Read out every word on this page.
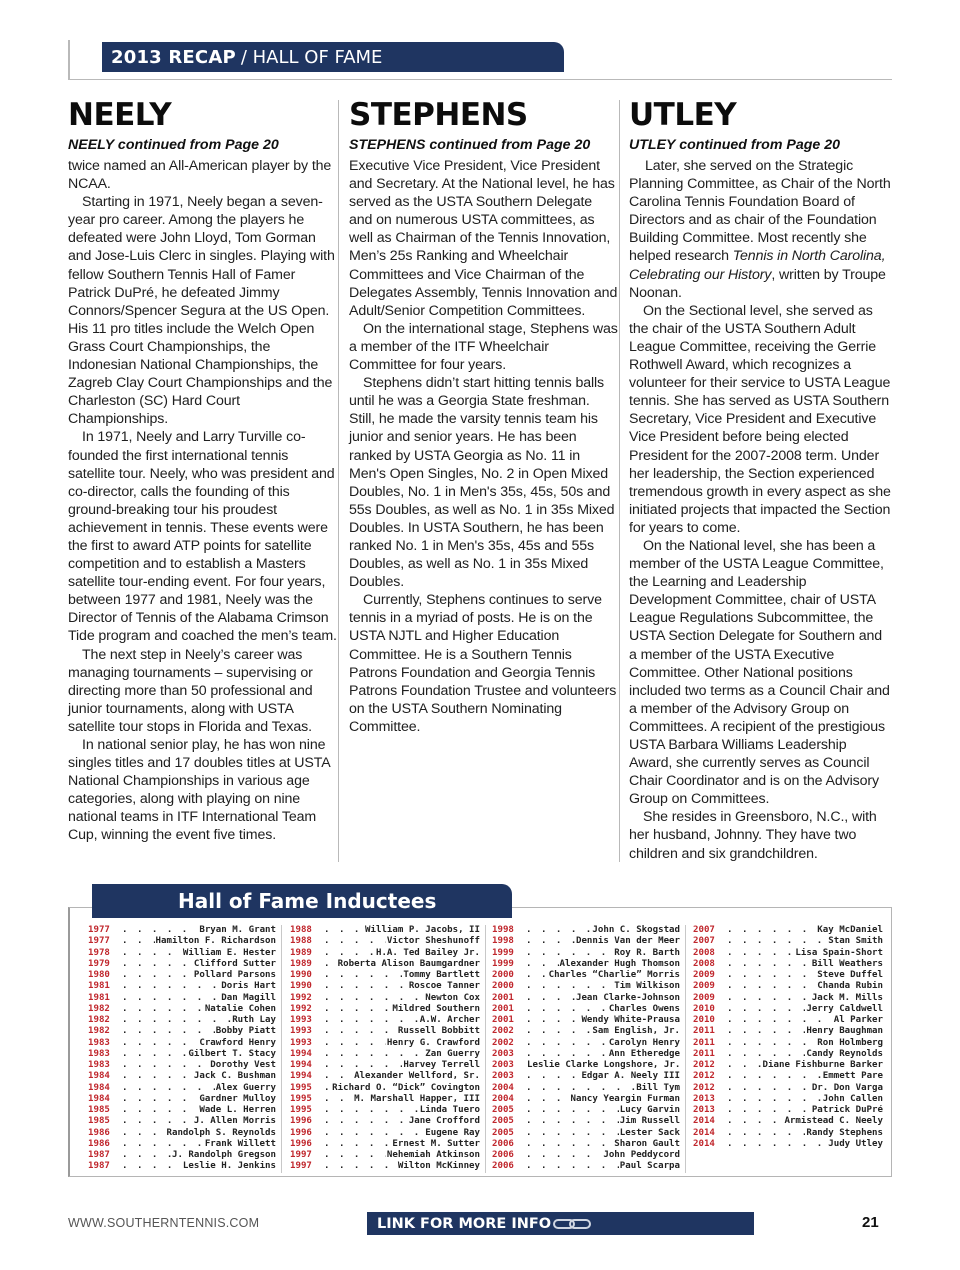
2013 RECAP / HALL OF FAME
NEELY
NEELY continued from Page 20

twice named an All-American player by the NCAA.

Starting in 1971, Neely began a seven-year pro career. Among the players he defeated were John Lloyd, Tom Gorman and Jose-Luis Clerc in singles. Playing with fellow Southern Tennis Hall of Famer Patrick DuPré, he defeated Jimmy Connors/Spencer Segura at the US Open. His 11 pro titles include the Welch Open Grass Court Championships, the Indonesian National Championships, the Zagreb Clay Court Championships and the Charleston (SC) Hard Court Championships.

In 1971, Neely and Larry Turville co-founded the first international tennis satellite tour. Neely, who was president and co-director, calls the founding of this ground-breaking tour his proudest achievement in tennis. These events were the first to award ATP points for satellite competition and to establish a Masters satellite tour-ending event. For four years, between 1977 and 1981, Neely was the Director of Tennis of the Alabama Crimson Tide program and coached the men’s team.

The next step in Neely’s career was managing tournaments – supervising or directing more than 50 professional and junior tournaments, along with USTA satellite tour stops in Florida and Texas.

In national senior play, he has won nine singles titles and 17 doubles titles at USTA National Championships in various age categories, along with playing on nine national teams in ITF International Team Cup, winning the event five times.

STEPHENS
STEPHENS continued from Page 20

Executive Vice President, Vice President and Secretary. At the National level, he has served as the USTA Southern Delegate and on numerous USTA committees, as well as Chairman of the Tennis Innovation, Men’s 25s Ranking and Wheelchair Committees and Vice Chairman of the Delegates Assembly, Tennis Innovation and Adult/Senior Competition Committees.

On the international stage, Stephens was a member of the ITF Wheelchair Committee for four years.

Stephens didn’t start hitting tennis balls until he was a Georgia State freshman. Still, he made the varsity tennis team his junior and senior years. He has been ranked by USTA Georgia as No. 11 in Men's Open Singles, No. 2 in Open Mixed Doubles, No. 1 in Men's 35s, 45s, 50s and 55s Doubles, as well as No. 1 in 35s Mixed Doubles. In USTA Southern, he has been ranked No. 1 in Men's 35s, 45s and 55s Doubles, as well as No. 1 in 35s Mixed Doubles.

Currently, Stephens continues to serve tennis in a myriad of posts. He is on the USTA NJTL and Higher Education Committee. He is a Southern Tennis Patrons Foundation and Georgia Tennis Patrons Foundation Trustee and volunteers on the USTA Southern Nominating Committee.

UTLEY
UTLEY continued from Page 20

Later, she served on the Strategic Planning Committee, as Chair of the North Carolina Tennis Foundation Board of Directors and as chair of the Foundation Building Committee. Most recently she helped research Tennis in North Carolina, Celebrating our History, written by Troupe Noonan.

On the Sectional level, she served as the chair of the USTA Southern Adult League Committee, receiving the Gerrie Rothwell Award, which recognizes a volunteer for their service to USTA League tennis. She has served as USTA Southern Secretary, Vice President and Executive Vice President before being elected President for the 2007-2008 term. Under her leadership, the Section experienced tremendous growth in every aspect as she initiated projects that impacted the Section for years to come.

On the National level, she has been a member of the USTA League Committee, the Learning and Leadership Development Committee, chair of USTA League Regulations Subcommittee, the USTA Section Delegate for Southern and a member of the USTA Executive Committee. Other National positions included two terms as a Council Chair and a member of the Advisory Group on Committees. A recipient of the prestigious USTA Barbara Williams Leadership Award, she currently serves as Council Chair Coordinator and is on the Advisory Group on Committees.

She resides in Greensboro, N.C., with her husband, Johnny. They have two children and six grandchildren.

Hall of Fame Inductees
1977 . . .	Bryan M. Grant
1977 . . .	Hamilton F. Richardson
1978 . . .	William E. Hester
1979 . . .	Clifford Sutter
1980 . . .	Pollard Parsons
1981 . . .	Doris Hart
1981 . . .	Dan Magill
1982 . . .	Natalie Cohen
1982 . . .	Ruth Lay
1982 . . .	Bobby Piatt
1983 . . .	Crawford Henry
1983 . . .	Gilbert T. Stacy
1983 . . .	Dorothy Vest
1984 . . .	Jack C. Bushman
1984 . . .	Alex Guerry
1984 . . .	Gardner Mulloy
1985 . . .	Wade L. Herren
1985 . . .	J. Allen Morris
1986 . . .	Randolph S. Reynolds
1986 . . .	Frank Willett
1987 . . .	J. Randolph Gregson
1987 . . .	Leslie H. Jenkins
1988 . . .	William P. Jacobs, II
1988 . . .	Victor Sheshunoff
1989 . . .	H.A. Ted Bailey Jr.
1989 . . .	Roberta Alison Baumgardner
1990 . . .	Tommy Bartlett
1990 . . .	Roscoe Tanner
1992 . . .	Newton Cox
1992 . . .	Mildred Southern
1993 . . .	A.W. Archer
1993 . . .	Russell Bobbitt
1993 . . .	Henry G. Crawford
1994 . . .	Zan Guerry
1994 . . .	Harvey Terrell
1994 . . .	Alexander Wellford, Sr.
1995 . . .	Richard O. “Dick” Covington
1995 . . .	M. Marshall Happer, III
1995 . . .	Linda Tuero
1996 . . .	Jane Crofford
1996 . . .	Eugene Ray
1996 . . .	Ernest M. Sutter
1997 . . .	Nehemiah Atkinson
1997 . . .	Wilton McKinney
1998 . . .	John C. Skogstad
1998 . . .	Dennis Van der Meer
1999 . . .	Roy R. Barth
1999 . . .	Alexander Hugh Thomson
2000 . . .	Charles “Charlie” Morris
2000 . . .	Tim Wilkison
2001 . . .	Jean Clarke-Johnson
2001 . . .	Charles Owens
2001 . . .	Wendy White-Prausa
2002 . . .	Sam English, Jr.
2002 . . .	Carolyn Henry
2003 . . .	Ann Etheredge
2003	Leslie Clarke Longshore, Jr.
2003 . . .	Edgar A. Neely III
2004 . . .	Bill Tym
2004 . . .	Nancy Yeargin Furman
2005 . . .	Lucy Garvin
2005 . . .	Jim Russell
2005 . . .	Lester Sack
2006 . . .	Sharon Gault
2006 . . .	John Peddycord
2006 . . .	Paul Scarpa
2007 . . .	Kay McDaniel
2007 . . .	Stan Smith
2008 . . .	Lisa Spain-Short
2008 . . .	Bill Weathers
2009 . . .	Steve Duffel
2009 . . .	Chanda Rubin
2009 . . .	Jack M. Mills
2010 . . .	Jerry Caldwell
2010 . . .	Al Parker
2011 . . .	Henry Baughman
2011 . . .	Ron Holmberg
2011 . . .	Candy Reynolds
2012 . . .	Diane Fishburne Barker
2012 . . .	Emmett Pare
2012 . . .	Dr. Don Varga
2013 . . .	John Callen
2013 . . .	Patrick DuPré
2014 . . .	Armistead C. Neely
2014 . . .	Randy Stephens
2014 . . .	Judy Utley
WWW.SOUTHERNTENNIS.COM	LINK FOR MORE INFO	21
